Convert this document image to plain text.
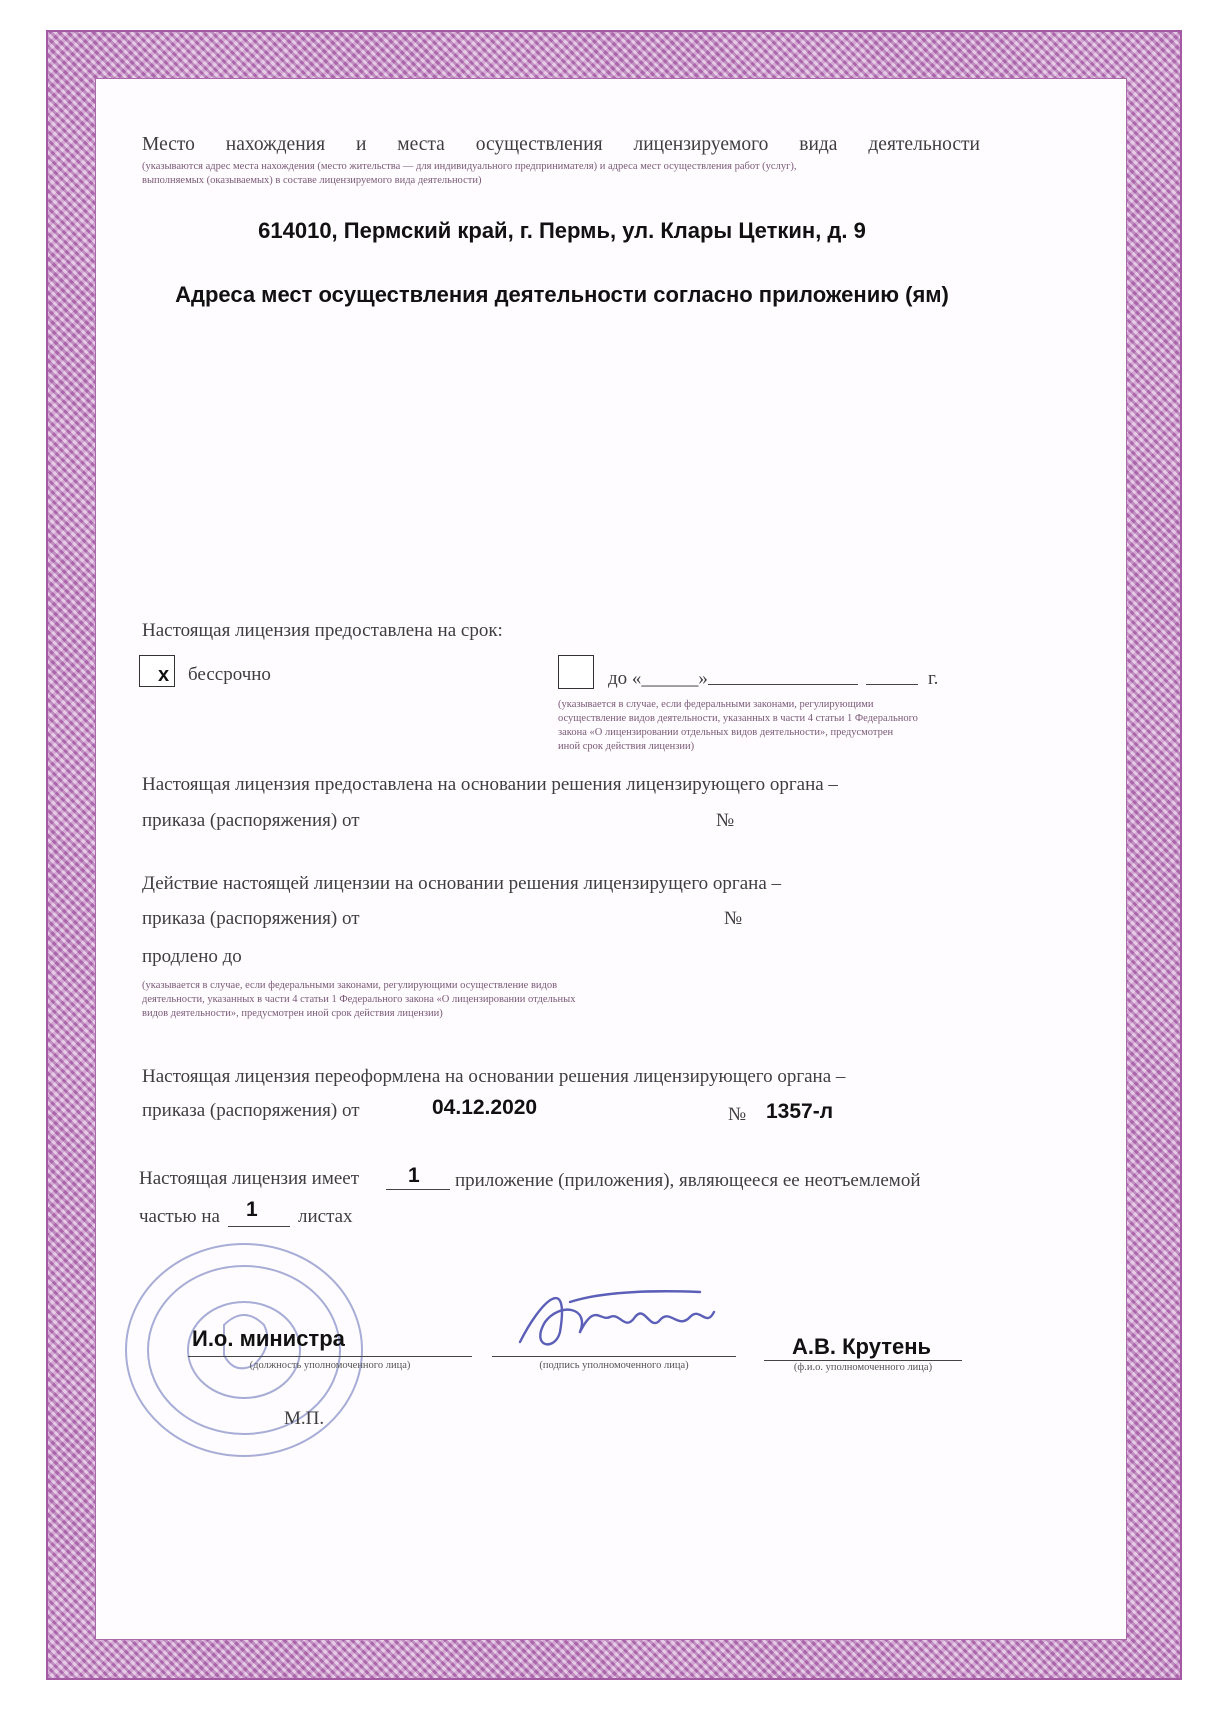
Место нахождения и места осуществления лицензируемого вида деятельности
(указываются адрес места нахождения (место жительства — для индивидуального предпринимателя) и адреса мест осуществления работ (услуг),
выполняемых (оказываемых) в составе лицензируемого вида деятельности)
614010, Пермский край, г. Пермь, ул. Клары Цеткин, д. 9
Адреса мест осуществления деятельности согласно приложению (ям)
Настоящая лицензия предоставлена на срок:
x бессрочно	до «______»	г.
(указывается в случае, если федеральными законами, регулирующими
осуществление видов деятельности, указанных в части 4 статьи 1 Федерального
закона «О лицензировании отдельных видов деятельности», предусмотрен
иной срок действия лицензии)
Настоящая лицензия предоставлена на основании решения лицензирующего органа –
приказа (распоряжения) от	№
Действие настоящей лицензии на основании решения лицензирущего органа –
приказа (распоряжения) от	№
продлено до
(указывается в случае, если федеральными законами, регулирующими осуществление видов
деятельности, указанных в части 4 статьи 1 Федерального закона «О лицензировании отдельных
видов деятельности», предусмотрен иной срок действия лицензии)
Настоящая лицензия переоформлена на основании решения лицензирующего органа –
приказа (распоряжения) от	04.12.2020	№ 1357-л
Настоящая лицензия имеет 1 приложение (приложения), являющееся ее неотъемлемой
частью на 1 листах
И.о. министра
(должность уполномоченного лица)	(подпись уполномоченного лица)
А.В. Крутень
(ф.и.о. уполномоченного лица)
М.П.
